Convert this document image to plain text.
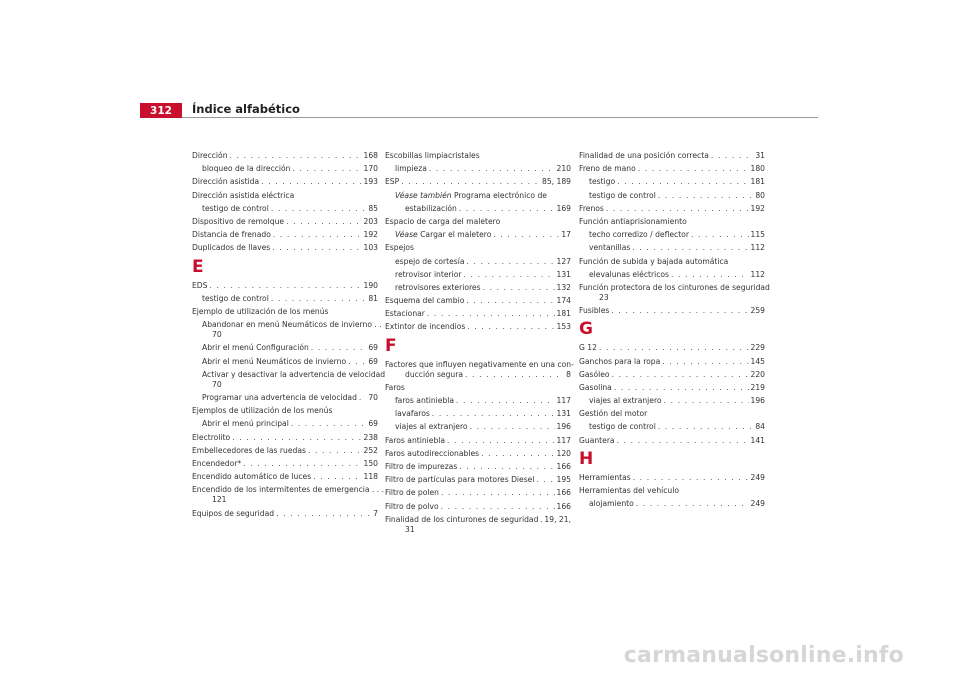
312	Índice alfabético
Dirección . . .	168
bloqueo de la dirección . . .	170
Dirección asistida . . .	193
Dirección asistida eléctrica
testigo de control . . .	85
Dispositivo de remolque . . .	203
Distancia de frenado . . .	192
Duplicados de llaves . . .	103
E
EDS . . .	190
testigo de control . . .	81
Ejemplo de utilización de los menús
Abandonar en menú Neumáticos de invierno . .
70
Abrir el menú Configuración . . .	69
Abrir el menú Neumáticos de invierno . . .	69
Activar y desactivar la advertencia de velocidad
70
Programar una advertencia de velocidad . . . 70
Ejemplos de utilización de los menús
Abrir el menú principal . . .	69
Electrolito . . .	238
Embellecedores de las ruedas . . .	252
Encendedor* . . .	150
Encendido automático de luces . . .	118
Encendido de los intermitentes de emergencia . . .
121
Equipos de seguridad . . .	7
Escobillas limpiacristales
limpieza . . .	210
ESP . . .	85, 189
Véase también Programa electrónico de
estabilización . . .	169
Espacio de carga del maletero
Véase Cargar el maletero . . .	17
Espejos
espejo de cortesía . . .	127
retrovisor interior . . .	131
retrovisores exteriores . . .	132
Esquema del cambio . . .	174
Estacionar . . .	181
Extintor de incendios . . .	153
F
Factores que influyen negativamente en una con-
ducción segura . . .	8
Faros
faros antiniebla . . .	117
lavafaros . . .	131
viajes al extranjero . . .	196
Faros antiniebla . . .	117
Faros autodireccionables . . .	120
Filtro de impurezas . . .	166
Filtro de partículas para motores Diesel . . .	195
Filtro de polen . . .	166
Filtro de polvo . . .	166
Finalidad de los cinturones de seguridad . . . 19, 21,
31
Finalidad de una posición correcta . . .	31
Freno de mano . . .	180
testigo . . .	181
testigo de control . . .	80
Frenos . . .	192
Función antiaprisionamiento
techo corredizo / deflector . . .	115
ventanillas . . .	112
Función de subida y bajada automática
elevalunas eléctricos . . .	112
Función protectora de los cinturones de seguridad
23
Fusibles . . .	259
G
G 12 . . .	229
Ganchos para la ropa . . .	145
Gasóleo . . .	220
Gasolina . . .	219
viajes al extranjero . . .	196
Gestión del motor
testigo de control . . .	84
Guantera . . .	141
H
Herramientas . . .	249
Herramientas del vehículo
alojamiento . . .	249
carmanualsonline.info
